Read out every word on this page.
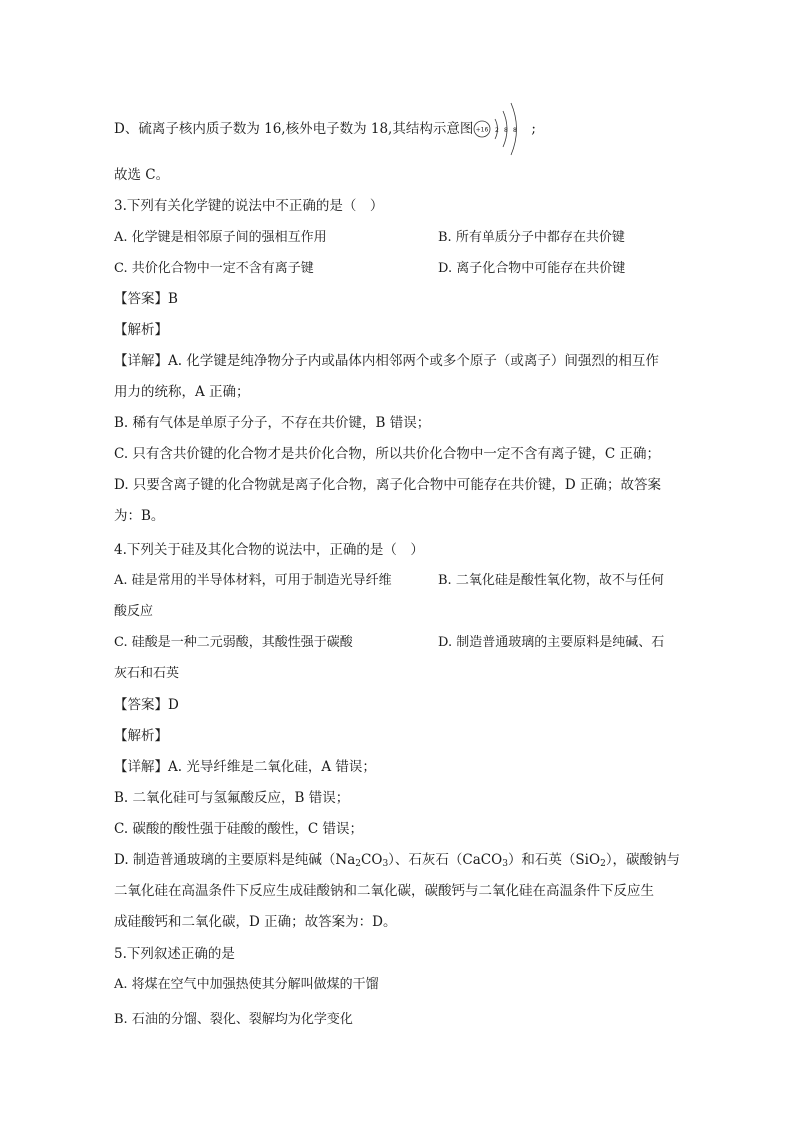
D、硫离子核内质子数为 16,核外电子数为 18,其结构示意图 +16 2 8 8 ;
故选 C。
3.下列有关化学键的说法中不正确的是（　）
A. 化学键是相邻原子间的强相互作用	B. 所有单质分子中都存在共价键
C. 共价化合物中一定不含有离子键	D. 离子化合物中可能存在共价键
【答案】B
【解析】
【详解】A. 化学键是纯净物分子内或晶体内相邻两个或多个原子（或离子）间强烈的相互作
用力的统称，A 正确；
B. 稀有气体是单原子分子，不存在共价键，B 错误；
C. 只有含共价键的化合物才是共价化合物，所以共价化合物中一定不含有离子键，C 正确；
D. 只要含离子键的化合物就是离子化合物，离子化合物中可能存在共价键，D 正确；故答案
为：B。
4.下列关于硅及其化合物的说法中，正确的是（　）
A. 硅是常用的半导体材料，可用于制造光导纤维	B. 二氧化硅是酸性氧化物，故不与任何
酸反应
C. 硅酸是一种二元弱酸，其酸性强于碳酸	D. 制造普通玻璃的主要原料是纯碱、石
灰石和石英
【答案】D
【解析】
【详解】A. 光导纤维是二氧化硅，A 错误；
B. 二氧化硅可与氢氟酸反应，B 错误；
C. 碳酸的酸性强于硅酸的酸性，C 错误；
D. 制造普通玻璃的主要原料是纯碱$(Na_2CO_3)$、石灰石（CaCO$_3$）和石英（SiO$_2$），碳酸钠与
二氧化硅在高温条件下反应生成硅酸钠和二氧化碳，碳酸钙与二氧化硅在高温条件下反应生
成硅酸钙和二氧化碳，D 正确；故答案为：D。
5.下列叙述正确的是
A. 将煤在空气中加强热使其分解叫做煤的干馏
B. 石油的分馏、裂化、裂解均为化学变化
